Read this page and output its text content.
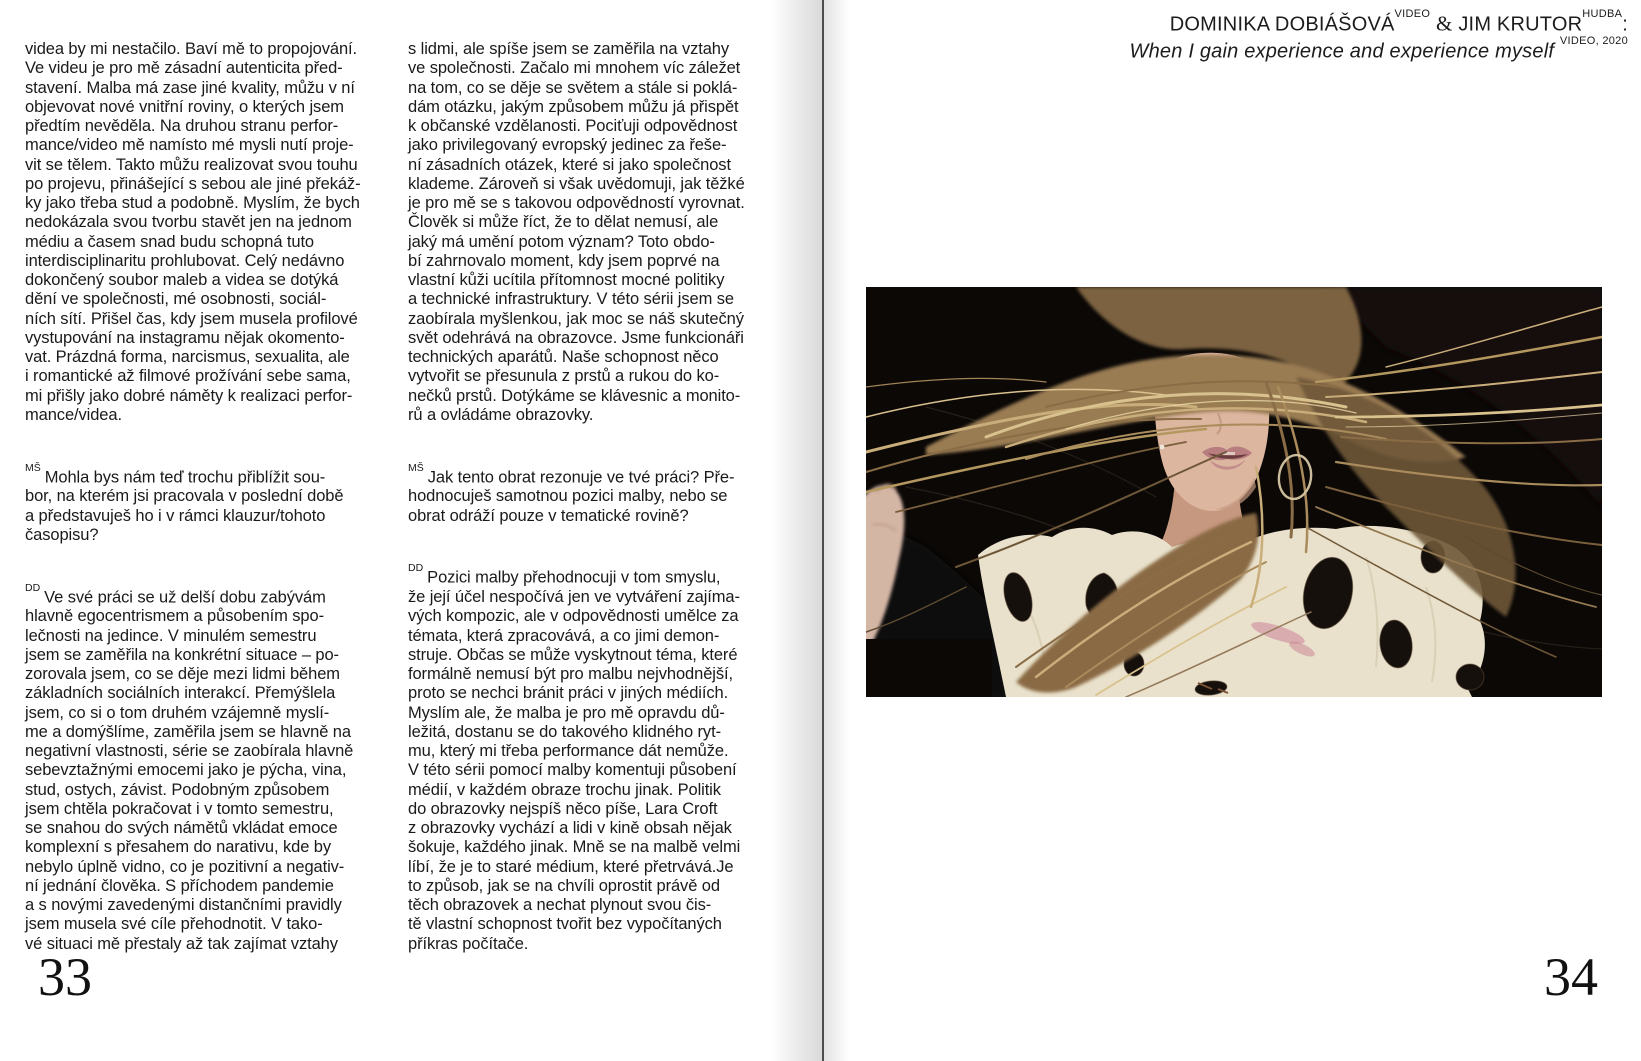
videa by mi nestačilo. Baví mě to propojování.
Ve videu je pro mě zásadní autenticita před-
stavení. Malba má zase jiné kvality, můžu v ní
objevovat nové vnitřní roviny, o kterých jsem
předtím nevěděla. Na druhou stranu perfor-
mance/video mě namísto mé mysli nutí proje-
vit se tělem. Takto můžu realizovat svou touhu
po projevu, přinášející s sebou ale jiné překáž-
ky jako třeba stud a podobně. Myslím, že bych
nedokázala svou tvorbu stavět jen na jednom
médiu a časem snad budu schopná tuto
interdisciplinaritu prohlubovat. Celý nedávno
dokončený soubor maleb a videa se dotýká
dění ve společnosti, mé osobnosti, sociál-
ních sítí. Přišel čas, kdy jsem musela profilové
vystupování na instagramu nějak okomento-
vat. Prázdná forma, narcismus, sexualita, ale
i romantické až filmové prožívání sebe sama,
mi přišly jako dobré náměty k realizaci perfor-
mance/videa.
$^{MŠ}$Mohla bys nám teď trochu přiblížit sou-
bor, na kterém jsi pracovala v poslední době
a představuješ ho i v rámci klauzur/tohoto
časopisu?
$^{DD}$Ve své práci se už delší dobu zabývám
hlavně egocentrismem a působením spo-
lečnosti na jedince. V minulém semestru
jsem se zaměřila na konkrétní situace – po-
zorovala jsem, co se děje mezi lidmi během
základních sociálních interakcí. Přemýšlela
jsem, co si o tom druhém vzájemně myslí-
me a domýšlíme, zaměřila jsem se hlavně na
negativní vlastnosti, série se zaobírala hlavně
sebevztažnými emocemi jako je pýcha, vina,
stud, ostych, závist. Podobným způsobem
jsem chtěla pokračovat i v tomto semestru,
se snahou do svých námětů vkládat emoce
komplexní s přesahem do narativu, kde by
nebylo úplně vidno, co je pozitivní a negativ-
ní jednání člověka. S příchodem pandemie
a s novými zavedenými distančními pravidly
jsem musela své cíle přehodnotit. V tako-
vé situaci mě přestaly až tak zajímat vztahy
s lidmi, ale spíše jsem se zaměřila na vztahy
ve společnosti. Začalo mi mnohem víc záležet
na tom, co se děje se světem a stále si poklá-
dám otázku, jakým způsobem můžu já přispět
k občanské vzdělanosti. Pociťuji odpovědnost
jako privilegovaný evropský jedinec za řeše-
ní zásadních otázek, které si jako společnost
klademe. Zároveň si však uvědomuji, jak těžké
je pro mě se s takovou odpovědností vyrovnat.
Člověk si může říct, že to dělat nemusí, ale
jaký má umění potom význam? Toto obdo-
bí zahrnovalo moment, kdy jsem poprvé na
vlastní kůži ucítila přítomnost mocné politiky
a technické infrastruktury. V této sérii jsem se
zaobírala myšlenkou, jak moc se náš skutečný
svět odehrává na obrazovce. Jsme funkcionáři
technických aparátů. Naše schopnost něco
vytvořit se přesunula z prstů a rukou do ko-
nečků prstů. Dotýkáme se klávesnic a monito-
rů a ovládáme obrazovky.
$^{MŠ}$Jak tento obrat rezonuje ve tvé práci? Pře-
hodnocuješ samotnou pozici malby, nebo se
obrat odráží pouze v tematické rovině?
$^{DD}$Pozici malby přehodnocuji v tom smyslu,
že její účel nespočívá jen ve vytváření zajíma-
vých kompozic, ale v odpovědnosti umělce za
témata, která zpracovává, a co jimi demon-
struje. Občas se může vyskytnout téma, které
formálně nemusí být pro malbu nejvhodnější,
proto se nechci bránit práci v jiných médiích.
Myslím ale, že malba je pro mě opravdu dů-
ležitá, dostanu se do takového klidného ryt-
mu, který mi třeba performance dát nemůže.
V této sérii pomocí malby komentuji působení
médií, v každém obraze trochu jinak. Politik
do obrazovky nejspíš něco píše, Lara Croft
z obrazovky vychází a lidi v kině obsah nějak
šokuje, každého jinak. Mně se na malbě velmi
líbí, že je to staré médium, které přetrvává.Je
to způsob, jak se na chvíli oprostit právě od
těch obrazovek a nechat plynout svou čis-
tě vlastní schopnost tvořit bez vypočítaných
příkras počítače.
33
DOMINIKA $DOBIÁŠOVÁ^{VIDEO}$ & JIM $KRUTOR^{HUDBA}$:
When I gain experience and experience myself $^{VIDEO, 2020}$
34
